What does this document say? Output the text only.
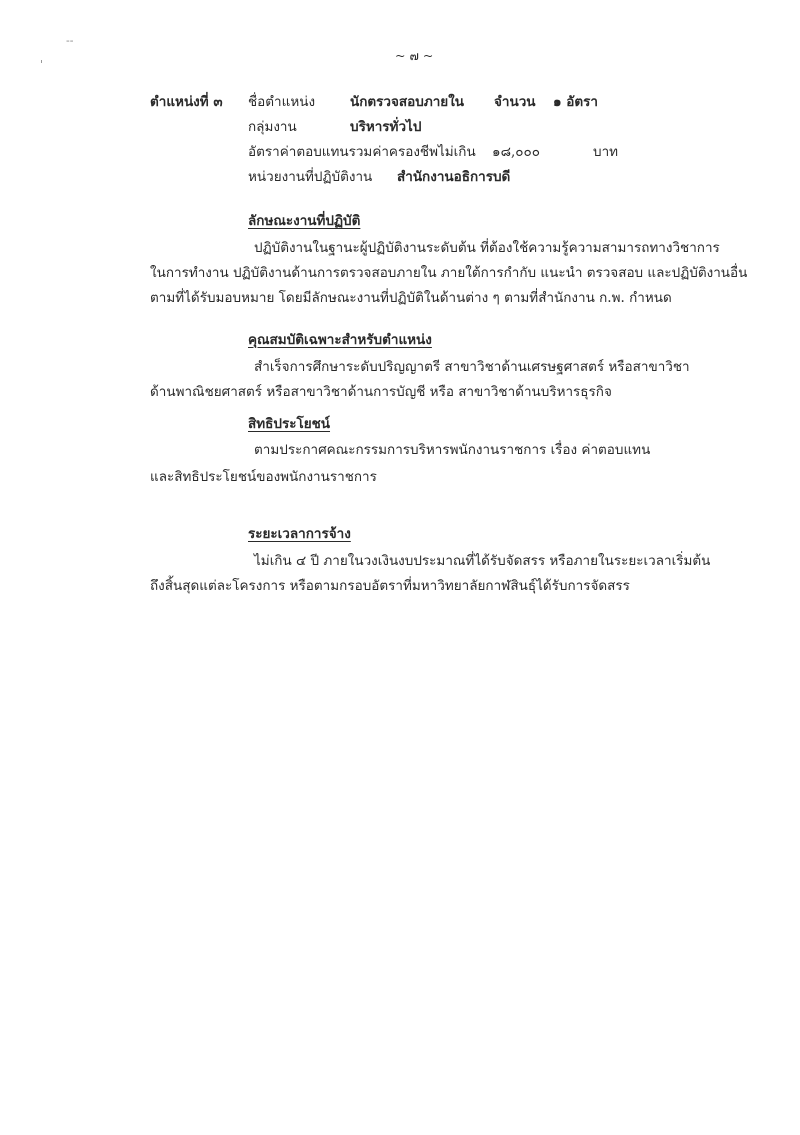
-‑
'
~ ๗ ~
ตำแหน่งที่ ๓ ชื่อตำแหน่ง	นักตรวจสอบภายใน จำนวน ๑ อัตรา
กลุ่มงาน	บริหารทั่วไป
อัตราค่าตอบแทนรวมค่าครองชีพไม่เกิน ๑๘,๐๐๐	บาท
หน่วยงานที่ปฏิบัติงาน สำนักงานอธิการบดี
ลักษณะงานที่ปฏิบัติ
ปฏิบัติงานในฐานะผู้ปฏิบัติงานระดับต้น ที่ต้องใช้ความรู้ความสามารถทางวิชาการ
ในการทำงาน ปฏิบัติงานด้านการตรวจสอบภายใน ภายใต้การกำกับ แนะนำ ตรวจสอบ และปฏิบัติงานอื่น
ตามที่ได้รับมอบหมาย โดยมีลักษณะงานที่ปฏิบัติในด้านต่าง ๆ ตามที่สำนักงาน ก.พ. กำหนด
คุณสมบัติเฉพาะสำหรับตำแหน่ง
สำเร็จการศึกษาระดับปริญญาตรี สาขาวิชาด้านเศรษฐศาสตร์ หรือสาขาวิชา
ด้านพาณิชยศาสตร์ หรือสาขาวิชาด้านการบัญชี หรือ สาขาวิชาด้านบริหารธุรกิจ
สิทธิประโยชน์
ตามประกาศคณะกรรมการบริหารพนักงานราชการ เรื่อง ค่าตอบแทน
และสิทธิประโยชน์ของพนักงานราชการ
ระยะเวลาการจ้าง
ไม่เกิน ๔ ปี ภายในวงเงินงบประมาณที่ได้รับจัดสรร หรือภายในระยะเวลาเริ่มต้น
ถึงสิ้นสุดแต่ละโครงการ หรือตามกรอบอัตราที่มหาวิทยาลัยกาฬสินธุ์ได้รับการจัดสรร
